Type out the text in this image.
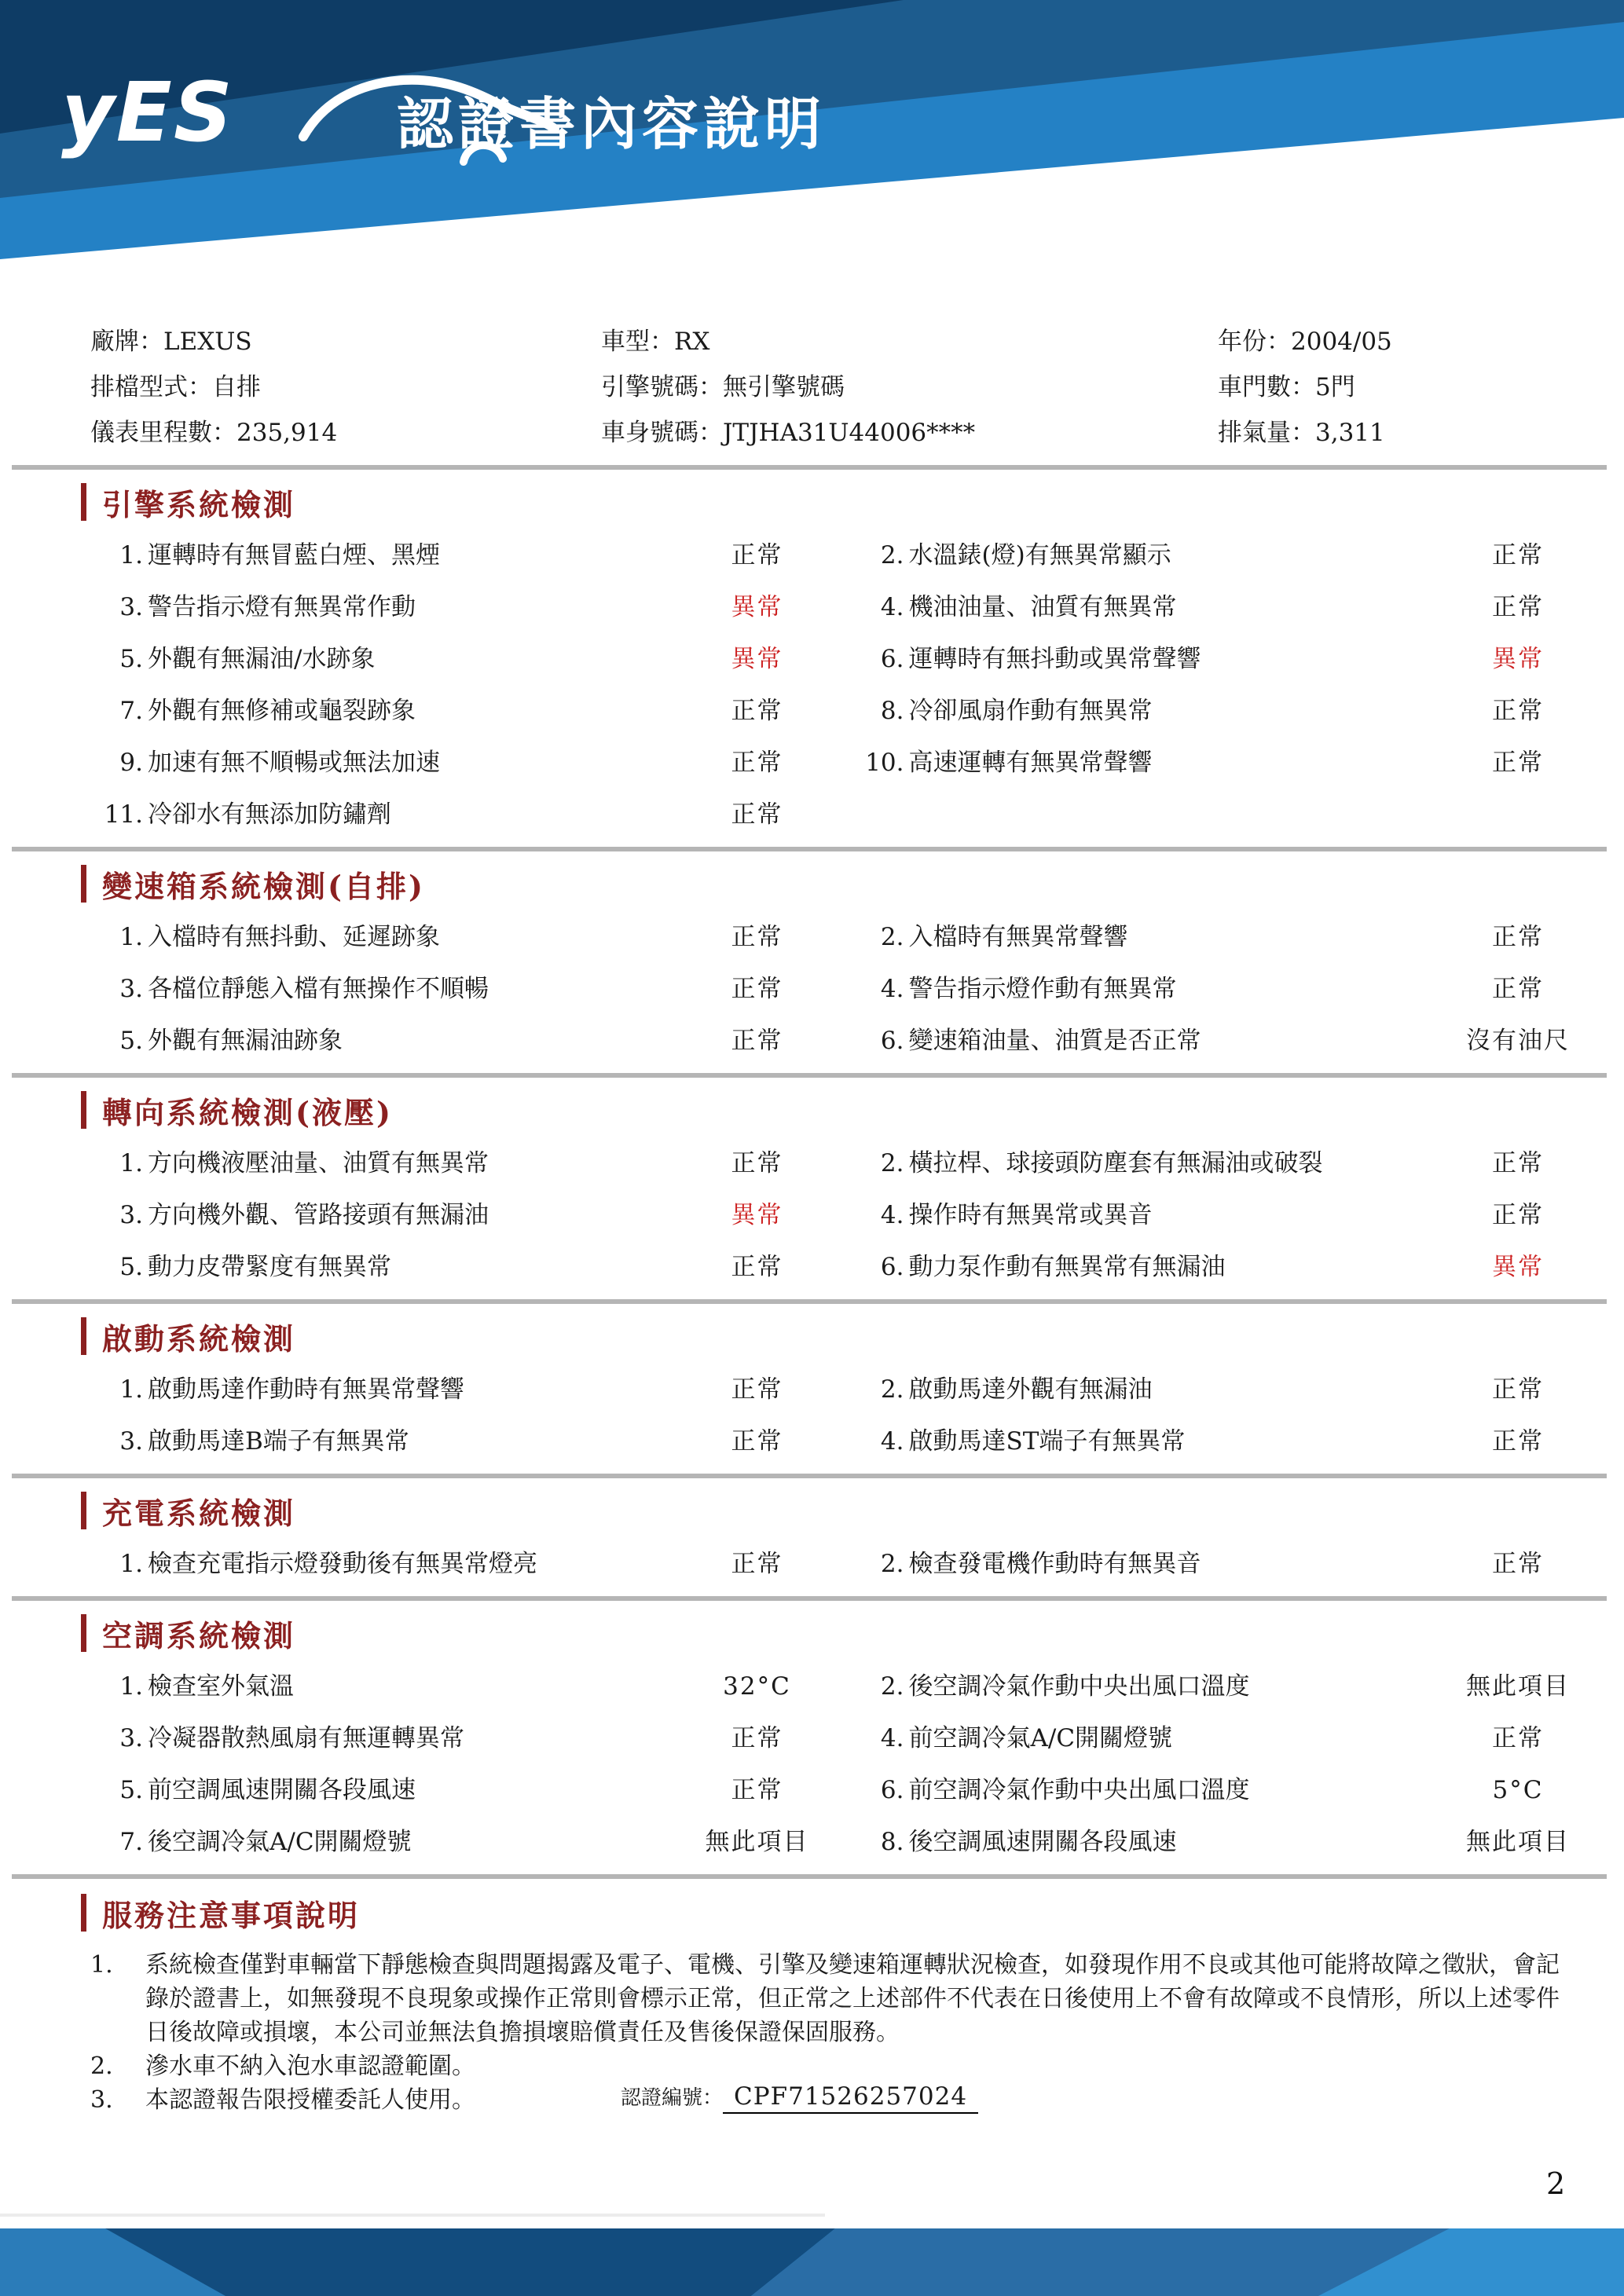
yES	認證書內容說明
廠牌：LEXUS	車型：RX	年份：2004/05
排檔型式：自排	引擎號碼：無引擎號碼	車門數：5門
儀表里程數：235,914	車身號碼：JTJHA31U44006****	排氣量：3,311
引擎系統檢測
1. 運轉時有無冒藍白煙、黑煙	正常	2. 水溫錶(燈)有無異常顯示	正常
3. 警告指示燈有無異常作動	異常	4. 機油油量、油質有無異常	正常
5. 外觀有無漏油/水跡象	異常	6. 運轉時有無抖動或異常聲響	異常
7. 外觀有無修補或龜裂跡象	正常	8. 冷卻風扇作動有無異常	正常
9. 加速有無不順暢或無法加速	正常	10. 高速運轉有無異常聲響	正常
11. 冷卻水有無添加防鏽劑	正常
變速箱系統檢測(自排)
1. 入檔時有無抖動、延遲跡象	正常	2. 入檔時有無異常聲響	正常
3. 各檔位靜態入檔有無操作不順暢	正常	4. 警告指示燈作動有無異常	正常
5. 外觀有無漏油跡象	正常	6. 變速箱油量、油質是否正常	沒有油尺
轉向系統檢測(液壓)
1. 方向機液壓油量、油質有無異常	正常	2. 橫拉桿、球接頭防塵套有無漏油或破裂	正常
3. 方向機外觀、管路接頭有無漏油	異常	4. 操作時有無異常或異音	正常
5. 動力皮帶緊度有無異常	正常	6. 動力泵作動有無異常有無漏油	異常
啟動系統檢測
1. 啟動馬達作動時有無異常聲響	正常	2. 啟動馬達外觀有無漏油	正常
3. 啟動馬達B端子有無異常	正常	4. 啟動馬達ST端子有無異常	正常
充電系統檢測
1. 檢查充電指示燈發動後有無異常燈亮	正常	2. 檢查發電機作動時有無異音	正常
空調系統檢測
1. 檢查室外氣溫	32°C	2. 後空調冷氣作動中央出風口溫度	無此項目
3. 冷凝器散熱風扇有無運轉異常	正常	4. 前空調冷氣A/C開關燈號	正常
5. 前空調風速開關各段風速	正常	6. 前空調冷氣作動中央出風口溫度	5°C
7. 後空調冷氣A/C開關燈號	無此項目	8. 後空調風速開關各段風速	無此項目
服務注意事項說明
1.	系統檢查僅對車輛當下靜態檢查與問題揭露及電子、電機、引擎及變速箱運轉狀況檢查，如發現作用不良或其他可能將故障之徵狀，會記錄於證書上，如無發現不良現象或操作正常則會標示正常，但正常之上述部件不代表在日後使用上不會有故障或不良情形，所以上述零件日後故障或損壞，本公司並無法負擔損壞賠償責任及售後保證保固服務。
2.	滲水車不納入泡水車認證範圍。
3.	本認證報告限授權委託人使用。	認證編號： CPF71526257024
2
